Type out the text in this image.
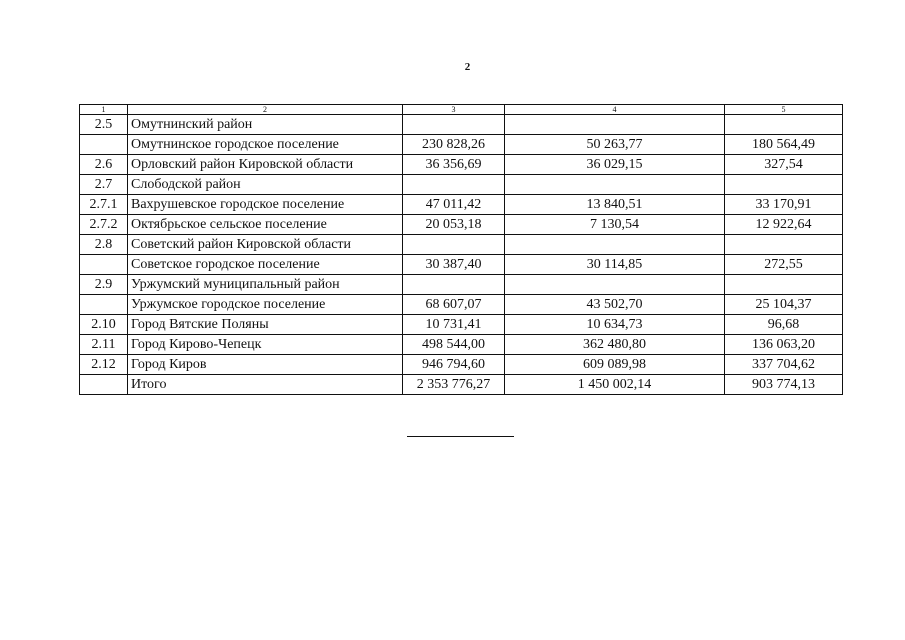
2
1	2	3	4	5
2.5	Омутнинский район			
	Омутнинское городское поселение	230 828,26	50 263,77	180 564,49
2.6	Орловский район Кировской области	36 356,69	36 029,15	327,54
2.7	Слободской район			
2.7.1	Вахрушевское городское поселение	47 011,42	13 840,51	33 170,91
2.7.2	Октябрьское сельское поселение	20 053,18	7 130,54	12 922,64
2.8	Советский район Кировской области			
	Советское городское поселение	30 387,40	30 114,85	272,55
2.9	Уржумский муниципальный район			
	Уржумское городское поселение	68 607,07	43 502,70	25 104,37
2.10	Город Вятские Поляны	10 731,41	10 634,73	96,68
2.11	Город Кирово-Чепецк	498 544,00	362 480,80	136 063,20
2.12	Город Киров	946 794,60	609 089,98	337 704,62
	Итого	2 353 776,27	1 450 002,14	903 774,13
